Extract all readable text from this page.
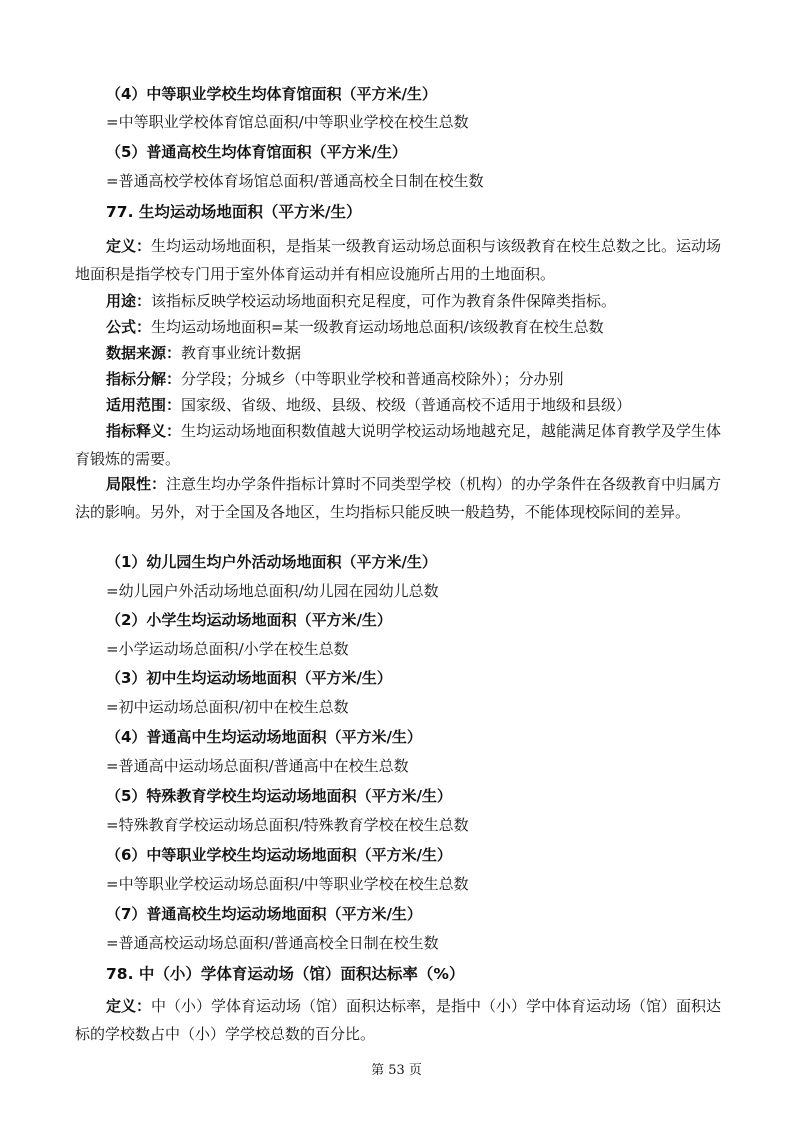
（4）中等职业学校生均体育馆面积（平方米/生）
=中等职业学校体育馆总面积/中等职业学校在校生总数
（5）普通高校生均体育馆面积（平方米/生）
=普通高校学校体育场馆总面积/普通高校全日制在校生数
77. 生均运动场地面积（平方米/生）
定义：生均运动场地面积，是指某一级教育运动场总面积与该级教育在校生总数之比。运动场地面积是指学校专门用于室外体育运动并有相应设施所占用的土地面积。
用途：该指标反映学校运动场地面积充足程度，可作为教育条件保障类指标。
公式：生均运动场地面积=某一级教育运动场地总面积/该级教育在校生总数
数据来源：教育事业统计数据
指标分解：分学段；分城乡（中等职业学校和普通高校除外）；分办别
适用范围：国家级、省级、地级、县级、校级（普通高校不适用于地级和县级）
指标释义：生均运动场地面积数值越大说明学校运动场地越充足，越能满足体育教学及学生体育锻炼的需要。
局限性：注意生均办学条件指标计算时不同类型学校（机构）的办学条件在各级教育中归属方法的影响。另外，对于全国及各地区，生均指标只能反映一般趋势，不能体现校际间的差异。
（1）幼儿园生均户外活动场地面积（平方米/生）
=幼儿园户外活动场地总面积/幼儿园在园幼儿总数
（2）小学生均运动场地面积（平方米/生）
=小学运动场总面积/小学在校生总数
（3）初中生均运动场地面积（平方米/生）
=初中运动场总面积/初中在校生总数
（4）普通高中生均运动场地面积（平方米/生）
=普通高中运动场总面积/普通高中在校生总数
（5）特殊教育学校生均运动场地面积（平方米/生）
=特殊教育学校运动场总面积/特殊教育学校在校生总数
（6）中等职业学校生均运动场地面积（平方米/生）
=中等职业学校运动场总面积/中等职业学校在校生总数
（7）普通高校生均运动场地面积（平方米/生）
=普通高校运动场总面积/普通高校全日制在校生数
78. 中（小）学体育运动场（馆）面积达标率（%）
定义：中（小）学体育运动场（馆）面积达标率，是指中（小）学中体育运动场（馆）面积达标的学校数占中（小）学学校总数的百分比。
第 53 页
